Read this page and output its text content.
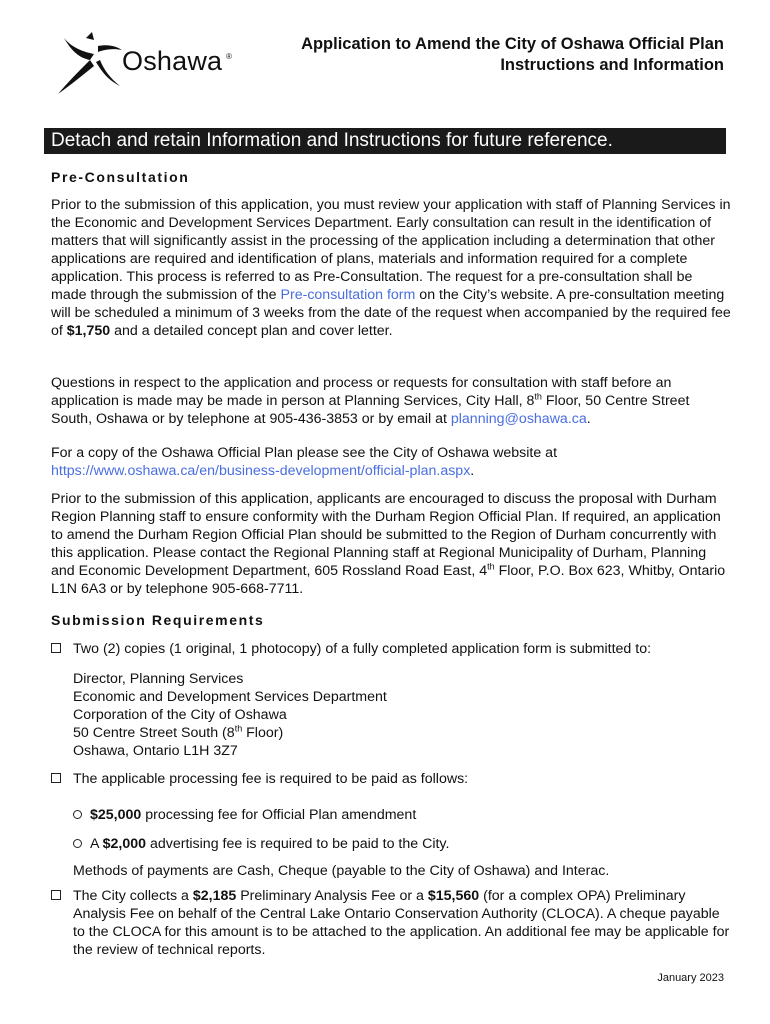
Oshawa ®
Application to Amend the City of Oshawa Official Plan
Instructions and Information
Detach and retain Information and Instructions for future reference.
Pre-Consultation
Prior to the submission of this application, you must review your application with staff of Planning Services in the Economic and Development Services Department. Early consultation can result in the identification of matters that will significantly assist in the processing of the application including a determination that other applications are required and identification of plans, materials and information required for a complete application. This process is referred to as Pre-Consultation. The request for a pre-consultation shall be made through the submission of the Pre-consultation form on the City’s website. A pre-consultation meeting will be scheduled a minimum of 3 weeks from the date of the request when accompanied by the required fee of $1,750 and a detailed concept plan and cover letter.
Questions in respect to the application and process or requests for consultation with staff before an application is made may be made in person at Planning Services, City Hall, 8th Floor, 50 Centre Street South, Oshawa or by telephone at 905-436-3853 or by email at planning@oshawa.ca.
For a copy of the Oshawa Official Plan please see the City of Oshawa website at https://www.oshawa.ca/en/business-development/official-plan.aspx.
Prior to the submission of this application, applicants are encouraged to discuss the proposal with Durham Region Planning staff to ensure conformity with the Durham Region Official Plan. If required, an application to amend the Durham Region Official Plan should be submitted to the Region of Durham concurrently with this application. Please contact the Regional Planning staff at Regional Municipality of Durham, Planning and Economic Development Department, 605 Rossland Road East, 4th Floor, P.O. Box 623, Whitby, Ontario L1N 6A3 or by telephone 905-668-7711.
Submission Requirements
Two (2) copies (1 original, 1 photocopy) of a fully completed application form is submitted to:
Director, Planning Services
Economic and Development Services Department
Corporation of the City of Oshawa
50 Centre Street South (8th Floor)
Oshawa, Ontario L1H 3Z7
The applicable processing fee is required to be paid as follows:
$25,000 processing fee for Official Plan amendment
A $2,000 advertising fee is required to be paid to the City.
Methods of payments are Cash, Cheque (payable to the City of Oshawa) and Interac.
The City collects a $2,185 Preliminary Analysis Fee or a $15,560 (for a complex OPA) Preliminary Analysis Fee on behalf of the Central Lake Ontario Conservation Authority (CLOCA). A cheque payable to the CLOCA for this amount is to be attached to the application. An additional fee may be applicable for the review of technical reports.
January 2023
